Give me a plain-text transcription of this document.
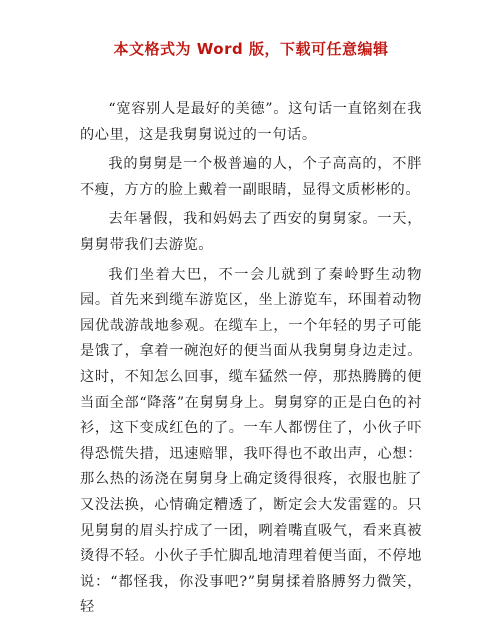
本文格式为 Word 版，下载可任意编辑

“宽容别人是最好的美德”。这句话一直铭刻在我的心里，这是我舅舅说过的一句话。

我的舅舅是一个极普遍的人，个子高高的，不胖不瘦，方方的脸上戴着一副眼睛，显得文质彬彬的。

去年暑假，我和妈妈去了西安的舅舅家。一天，舅舅带我们去游览。

我们坐着大巴，不一会儿就到了秦岭野生动物园。首先来到缆车游览区，坐上游览车，环围着动物园优哉游哉地参观。在缆车上，一个年轻的男子可能是饿了，拿着一碗泡好的便当面从我舅舅身边走过。这时，不知怎么回事，缆车猛然一停，那热腾腾的便当面全部“降落”在舅舅身上。舅舅穿的正是白色的衬衫，这下变成红色的了。一车人都愣住了，小伙子吓得恐慌失措，迅速赔罪，我吓得也不敢出声，心想：那么热的汤浇在舅舅身上确定烫得很疼，衣服也脏了又没法换，心情确定糟透了，断定会大发雷霆的。只见舅舅的眉头拧成了一团，咧着嘴直吸气，看来真被烫得不轻。小伙子手忙脚乱地清理着便当面，不停地说：“都怪我，你没事吧?”舅舅揉着胳膊努力微笑，轻
